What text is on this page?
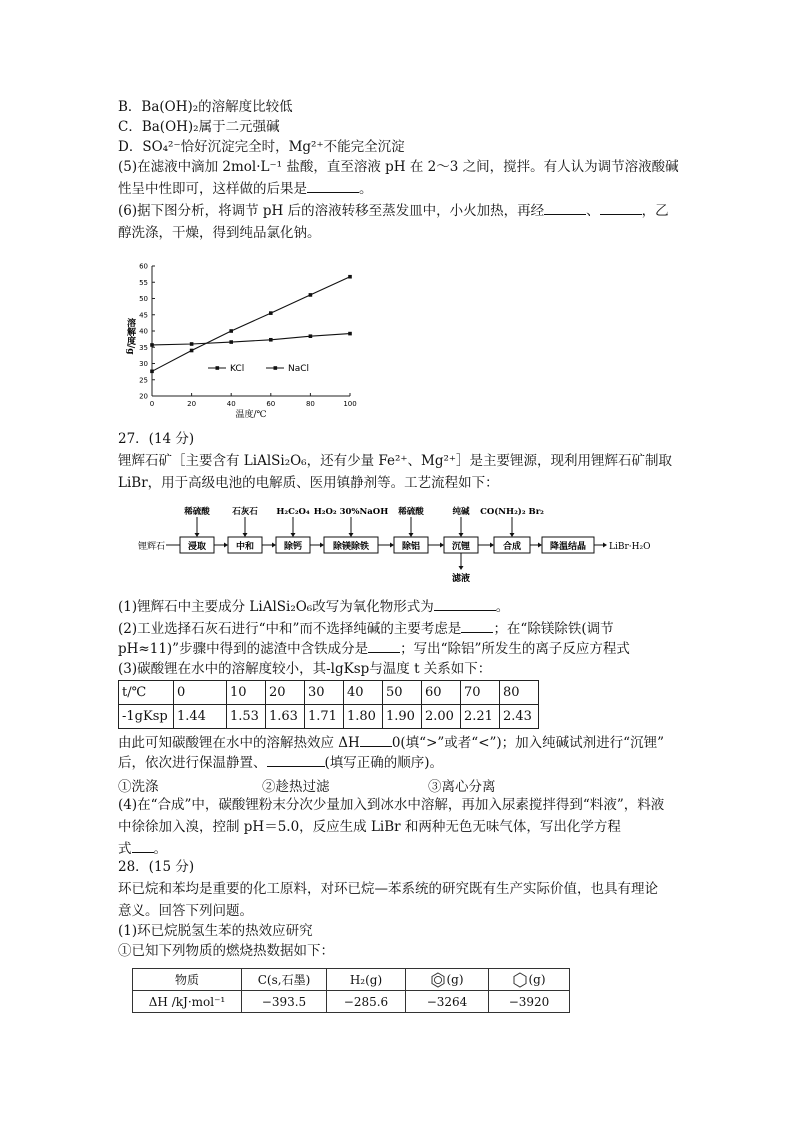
B．Ba(OH)₂的溶解度比较低
C．Ba(OH)₂属于二元强碱
D．SO₄²⁻恰好沉淀完全时，Mg²⁺不能完全沉淀
(5)在滤液中滴加 2mol·L⁻¹ 盐酸，直至溶液 pH 在 2～3 之间，搅拌。有人认为调节溶液酸碱
性呈中性即可，这样做的后果是	。
(6)据下图分析，将调节 pH 后的溶液转移至蒸发皿中，小火加热，再经	、	，乙
醇洗涤，干燥，得到纯品氯化钠。
20
25
30
35
40
45
50
55
60
0	20	40	60	80	100
温度/℃
溶解度/g
KCl	NaCl
27．(14 分)
锂辉石矿［主要含有 LiAlSi₂O₆，还有少量 Fe²⁺、Mg²⁺］是主要锂源，现利用锂辉石矿制取
LiBr，用于高级电池的电解质、医用镇静剂等。工艺流程如下：
锂辉石	浸取
稀硫酸
中和
石灰石
除钙
H₂C₂O₄
除镁除铁
H₂O₂ 30%NaOH
除铝
稀硫酸
沉锂
纯碱
合成
CO(NH₂)₂ Br₂
降温结晶	LiBr·H₂O
滤液
(1)锂辉石中主要成分 LiAlSi₂O₆改写为氧化物形式为	。
(2)工业选择石灰石进行“中和”而不选择纯碱的主要考虑是 ；在“除镁除铁(调节
pH≈11)”步骤中得到的滤渣中含铁成分是 ；写出“除铝”所发生的离子反应方程式
(3)碳酸锂在水中的溶解度较小，其-lgKsp与温度 t 关系如下：
t/℃	0	10	20	30	40	50	60	70	80
-1gKsp	1.44	1.53	1.63	1.71	1.80	1.90	2.00	2.21	2.43
由此可知碳酸锂在水中的溶解热效应 ΔH 0(填“>”或者“<”)；加入纯碱试剂进行“沉锂”
后，依次进行保温静置、	(填写正确的顺序)。
①洗涤	②趁热过滤	③离心分离
(4)在“合成”中，碳酸锂粉末分次少量加入到冰水中溶解，再加入尿素搅拌得到“料液”，料液
中徐徐加入溴，控制 pH＝5.0，反应生成 LiBr 和两种无色无味气体，写出化学方程
式 。
28．(15 分)
环已烷和苯均是重要的化工原料，对环已烷—苯系统的研究既有生产实际价值，也具有理论
意义。回答下列问题。
(1)环已烷脱氢生苯的热效应研究
①已知下列物质的燃烧热数据如下：
物质	C(s,石墨)	H₂(g)	(g)	(g)
ΔH /kJ·mol⁻¹	−393.5	−285.6	−3264	−3920
